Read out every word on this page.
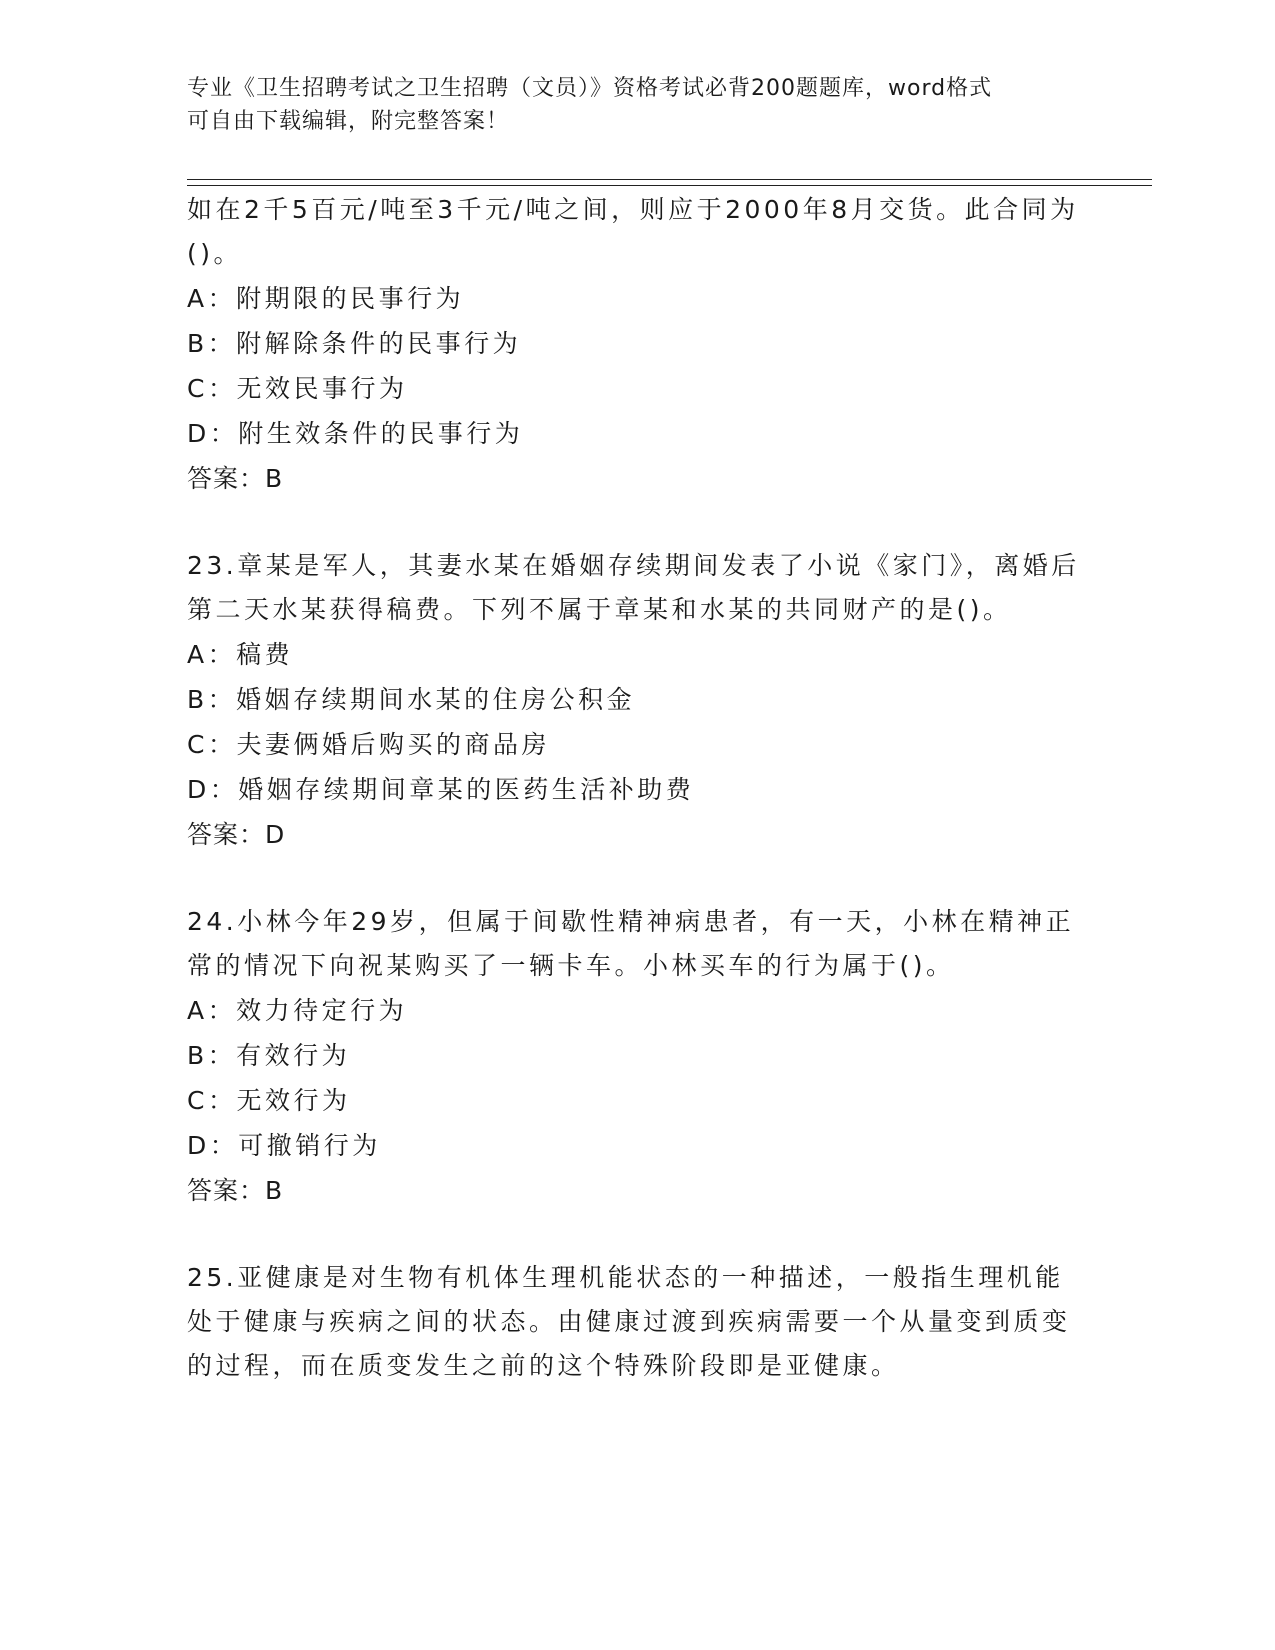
专业《卫生招聘考试之卫生招聘（文员）》资格考试必背200题题库，word格式
可自由下载编辑，附完整答案！

如在2千5百元/吨至3千元/吨之间，则应于2000年8月交货。此合同为()。

A：附期限的民事行为

B：附解除条件的民事行为

C：无效民事行为

D：附生效条件的民事行为

答案：B

23.章某是军人，其妻水某在婚姻存续期间发表了小说《家门》，离婚后第二天水某获得稿费。下列不属于章某和水某的共同财产的是()。

A：稿费

B：婚姻存续期间水某的住房公积金

C：夫妻俩婚后购买的商品房

D：婚姻存续期间章某的医药生活补助费

答案：D

24.小林今年29岁，但属于间歇性精神病患者，有一天，小林在精神正常的情况下向祝某购买了一辆卡车。小林买车的行为属于()。

A：效力待定行为

B：有效行为

C：无效行为

D：可撤销行为

答案：B

25.亚健康是对生物有机体生理机能状态的一种描述，一般指生理机能处于健康与疾病之间的状态。由健康过渡到疾病需要一个从量变到质变的过程，而在质变发生之前的这个特殊阶段即是亚健康。
